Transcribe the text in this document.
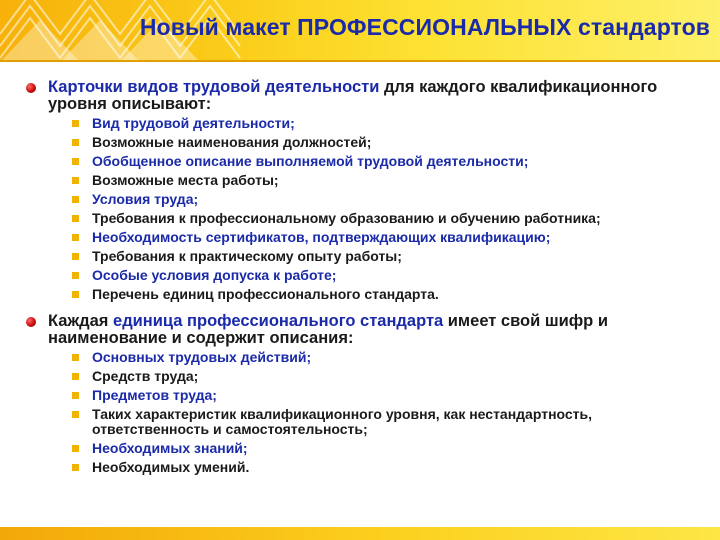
Новый макет ПРОФЕССИОНАЛЬНЫХ стандартов
Карточки видов трудовой деятельности для каждого квалификационного уровня описывают:
Вид трудовой деятельности;
Возможные наименования должностей;
Обобщенное описание выполняемой трудовой деятельности;
Возможные места работы;
Условия труда;
Требования к профессиональному образованию и обучению работника;
Необходимость сертификатов, подтверждающих квалификацию;
Требования к практическому опыту работы;
Особые условия допуска к работе;
Перечень единиц профессионального стандарта.
Каждая единица профессионального стандарта имеет свой шифр и наименование и содержит описания:
Основных трудовых действий;
Средств труда;
Предметов труда;
Таких характеристик квалификационного уровня, как нестандартность, ответственность и самостоятельность;
Необходимых знаний;
Необходимых умений.
